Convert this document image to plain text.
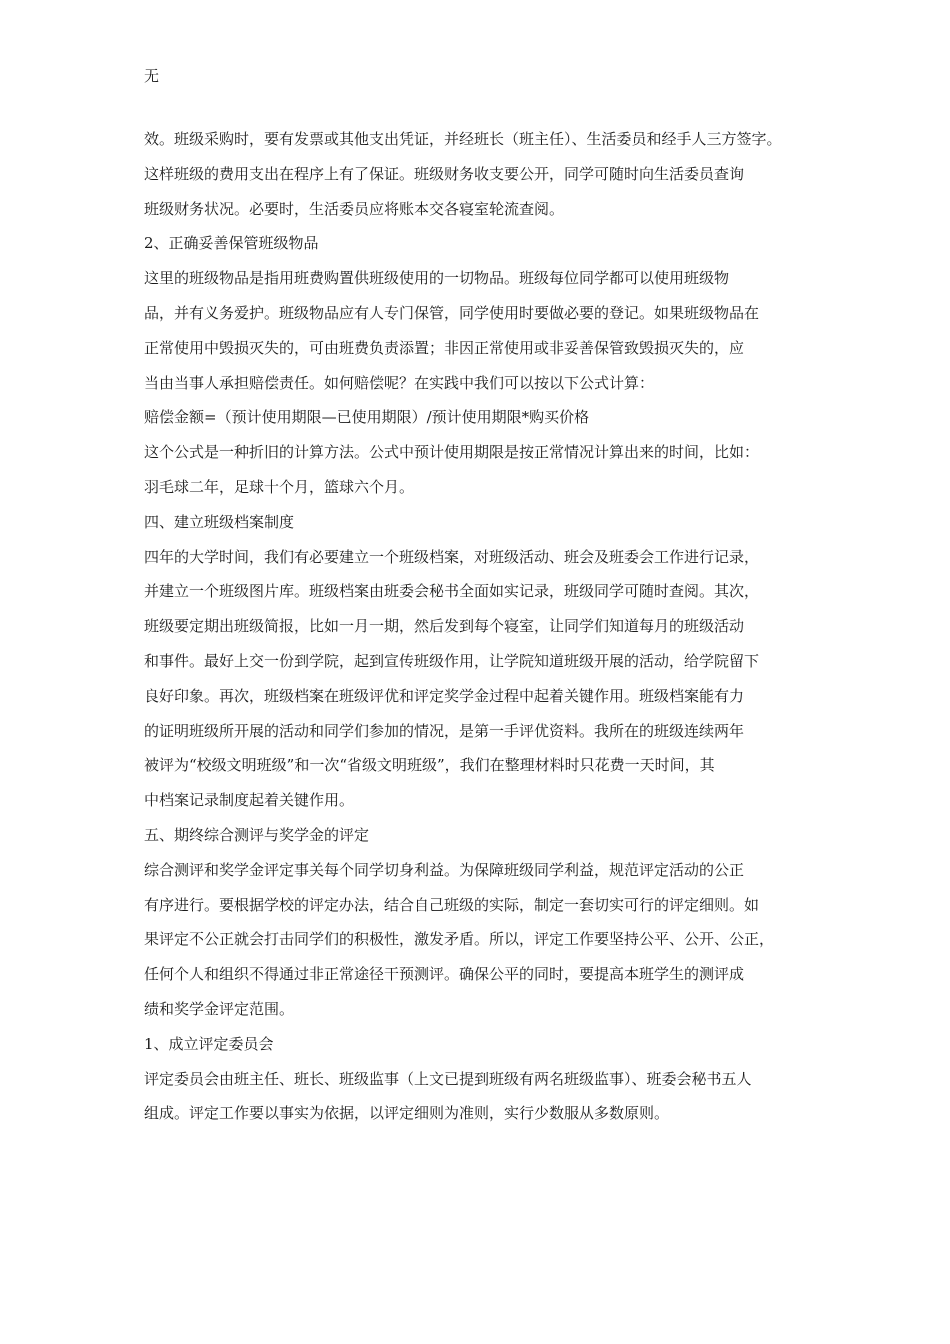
无
效。班级采购时，要有发票或其他支出凭证，并经班长（班主任）、生活委员和经手人三方签字。
这样班级的费用支出在程序上有了保证。班级财务收支要公开，同学可随时向生活委员查询
班级财务状况。必要时，生活委员应将账本交各寝室轮流查阅。
2、正确妥善保管班级物品
这里的班级物品是指用班费购置供班级使用的一切物品。班级每位同学都可以使用班级物
品，并有义务爱护。班级物品应有人专门保管，同学使用时要做必要的登记。如果班级物品在
正常使用中毁损灭失的，可由班费负责添置；非因正常使用或非妥善保管致毁损灭失的，应
当由当事人承担赔偿责任。如何赔偿呢？在实践中我们可以按以下公式计算：
赔偿金额=（预计使用期限—已使用期限）/预计使用期限*购买价格
这个公式是一种折旧的计算方法。公式中预计使用期限是按正常情况计算出来的时间，比如：
羽毛球二年，足球十个月，篮球六个月。
四、建立班级档案制度
四年的大学时间，我们有必要建立一个班级档案，对班级活动、班会及班委会工作进行记录，
并建立一个班级图片库。班级档案由班委会秘书全面如实记录，班级同学可随时查阅。其次，
班级要定期出班级简报，比如一月一期，然后发到每个寝室，让同学们知道每月的班级活动
和事件。最好上交一份到学院，起到宣传班级作用，让学院知道班级开展的活动，给学院留下
良好印象。再次，班级档案在班级评优和评定奖学金过程中起着关键作用。班级档案能有力
的证明班级所开展的活动和同学们参加的情况，是第一手评优资料。我所在的班级连续两年
被评为“校级文明班级”和一次“省级文明班级”，我们在整理材料时只花费一天时间，其
中档案记录制度起着关键作用。
五、期终综合测评与奖学金的评定
综合测评和奖学金评定事关每个同学切身利益。为保障班级同学利益，规范评定活动的公正
有序进行。要根据学校的评定办法，结合自己班级的实际，制定一套切实可行的评定细则。如
果评定不公正就会打击同学们的积极性，激发矛盾。所以，评定工作要坚持公平、公开、公正，
任何个人和组织不得通过非正常途径干预测评。确保公平的同时，要提高本班学生的测评成
绩和奖学金评定范围。
1、成立评定委员会
评定委员会由班主任、班长、班级监事（上文已提到班级有两名班级监事）、班委会秘书五人
组成。评定工作要以事实为依据，以评定细则为准则，实行少数服从多数原则。
